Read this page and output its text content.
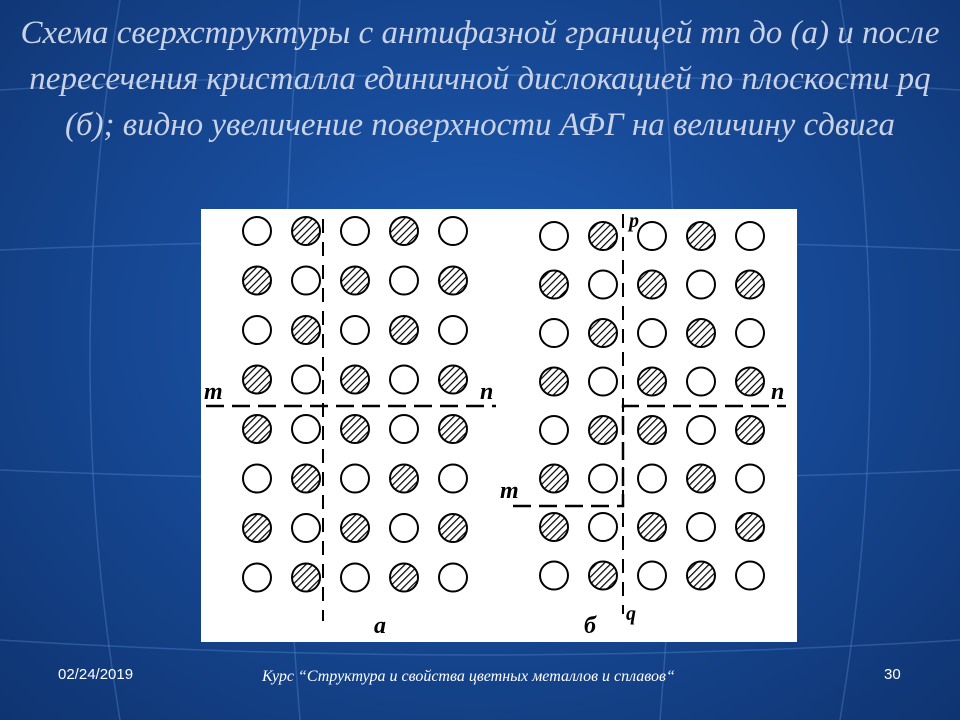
Схема сверхструктуры с антифазной границей mn до (а) и после пересечения кристалла единичной дислокацией по плоскости pq (б); видно увеличение поверхности АФГ на величину сдвига
m	n
а
p
n
m
б q
02/24/2019	Курс “Структура и свойства цветных металлов и сплавов“	30
